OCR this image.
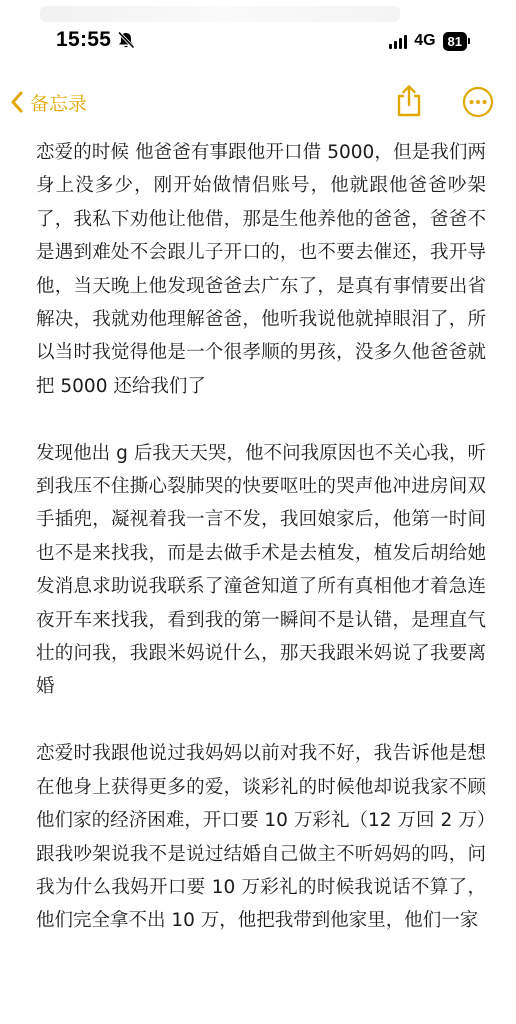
15:55	4G 81
备忘录

恋爱的时候 他爸爸有事跟他开口借 5000，但是我们两身上没多少，刚开始做情侣账号，他就跟他爸爸吵架了，我私下劝他让他借，那是生他养他的爸爸，爸爸不是遇到难处不会跟儿子开口的，也不要去催还，我开导他，当天晚上他发现爸爸去广东了，是真有事情要出省解决，我就劝他理解爸爸，他听我说他就掉眼泪了，所以当时我觉得他是一个很孝顺的男孩，没多久他爸爸就把 5000 还给我们了

发现他出 g 后我天天哭，他不问我原因也不关心我，听到我压不住撕心裂肺哭的快要呕吐的哭声他冲进房间双手插兜，凝视着我一言不发，我回娘家后，他第一时间也不是来找我，而是去做手术是去植发，植发后胡给她发消息求助说我联系了潼爸知道了所有真相他才着急连夜开车来找我，看到我的第一瞬间不是认错，是理直气壮的问我，我跟米妈说什么，那天我跟米妈说了我要离婚

恋爱时我跟他说过我妈妈以前对我不好，我告诉他是想在他身上获得更多的爱，谈彩礼的时候他却说我家不顾他们家的经济困难，开口要 10 万彩礼（12 万回 2 万）跟我吵架说我不是说过结婚自己做主不听妈妈的吗，问我为什么我妈开口要 10 万彩礼的时候我说话不算了，他们完全拿不出 10 万，他把我带到他家里，他们一家
